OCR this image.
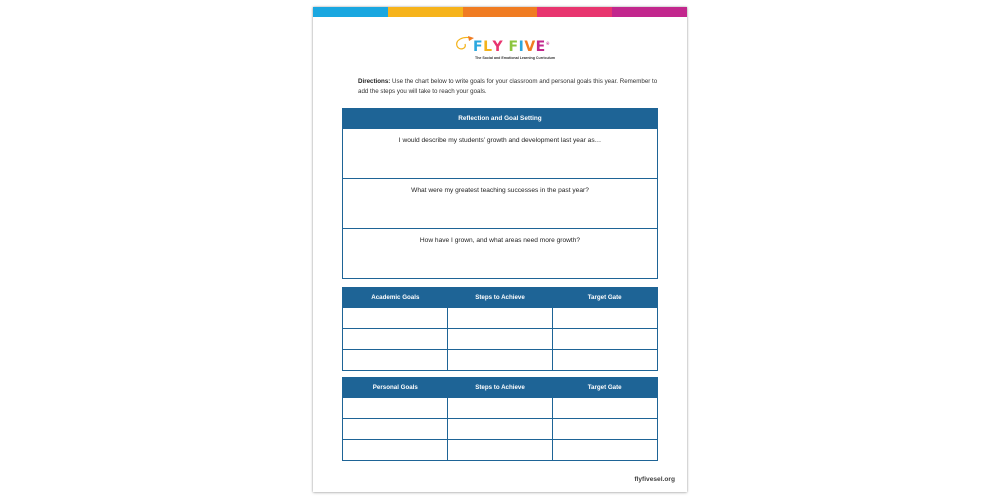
FLY FIVE®
The Social and Emotional Learning Curriculum
Directions: Use the chart below to write goals for your classroom and personal goals this year. Remember to add the steps you will take to reach your goals.
Reflection and Goal Setting
I would describe my students’ growth and development last year as…
What were my greatest teaching successes in the past year?
How have I grown, and what areas need more growth?
Academic Goals	Steps to Achieve	Target Gate
Personal Goals	Steps to Achieve	Target Gate
flyfivesel.org
